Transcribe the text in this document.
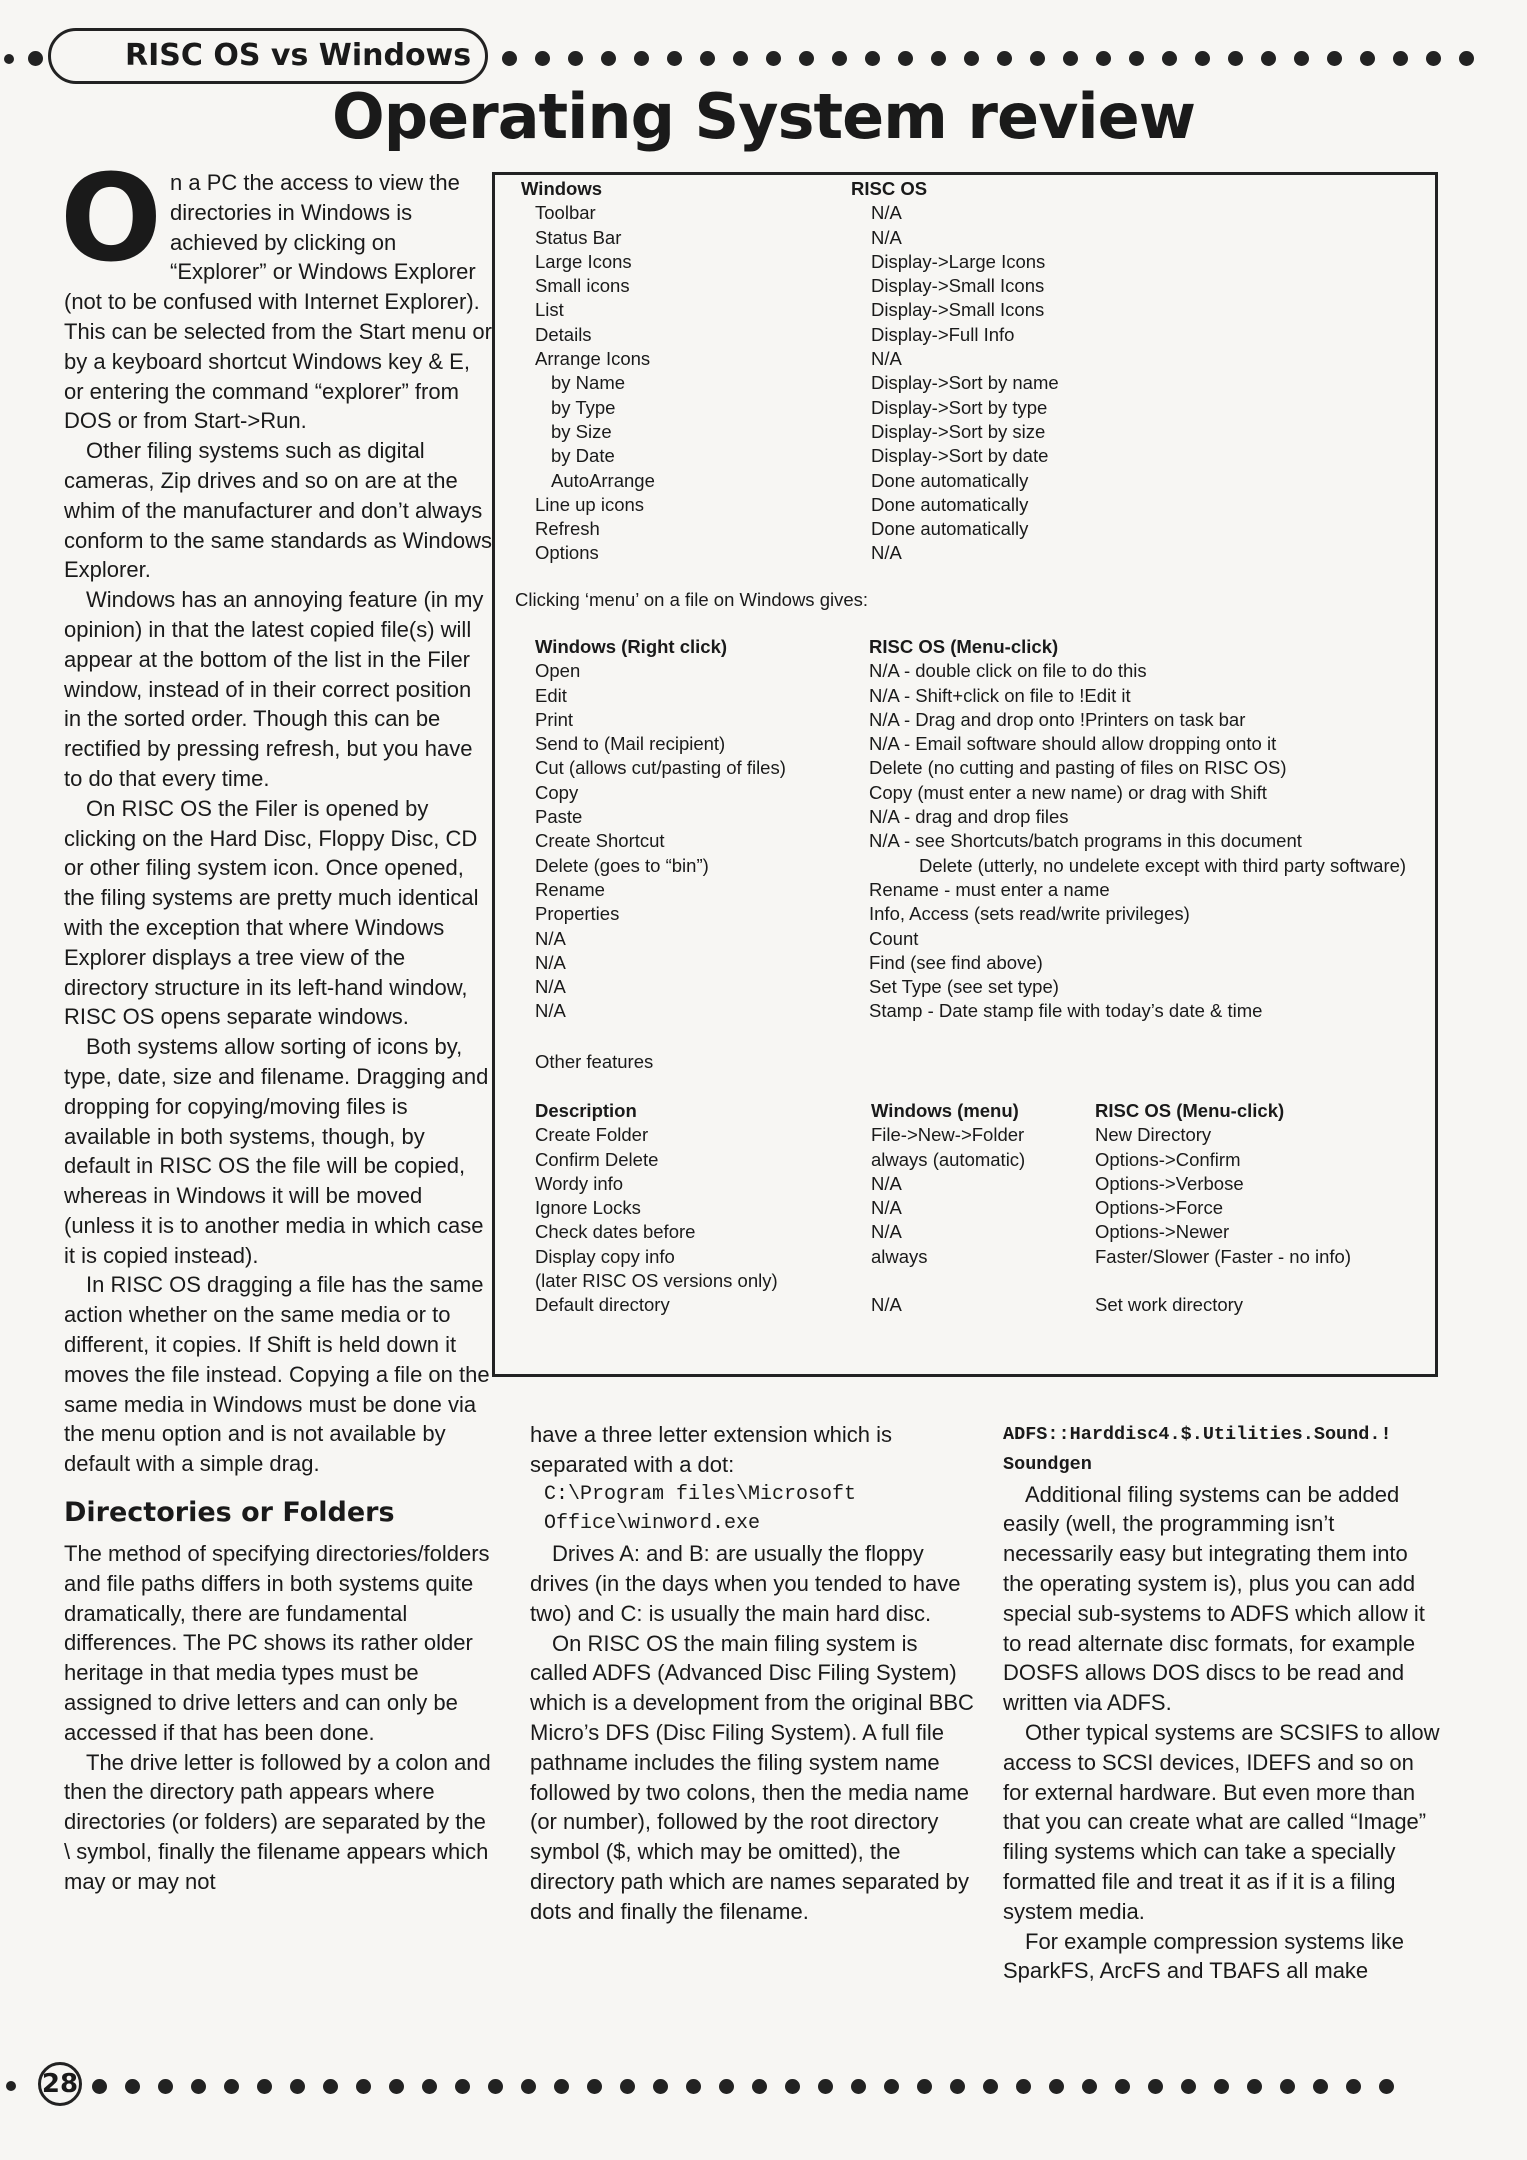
RISC OS vs Windows
Operating System review

On a PC the access to view the directories in Windows is achieved by clicking on “Explorer” or Windows Explorer (not to be confused with Internet Explorer). This can be selected from the Start menu or by a keyboard shortcut Windows key & E, or entering the command “explorer” from DOS or from Start->Run.

Other filing systems such as digital cameras, Zip drives and so on are at the whim of the manufacturer and don’t always conform to the same standards as Windows Explorer.

Windows has an annoying feature (in my opinion) in that the latest copied file(s) will appear at the bottom of the list in the Filer window, instead of in their correct position in the sorted order. Though this can be rectified by pressing refresh, but you have to do that every time.

On RISC OS the Filer is opened by clicking on the Hard Disc, Floppy Disc, CD or other filing system icon. Once opened, the filing systems are pretty much identical with the exception that where Windows Explorer displays a tree view of the directory structure in its left-hand window, RISC OS opens separate windows.

Both systems allow sorting of icons by, type, date, size and filename. Dragging and dropping for copying/moving files is available in both systems, though, by default in RISC OS the file will be copied, whereas in Windows it will be moved (unless it is to another media in which case it is copied instead).

In RISC OS dragging a file has the same action whether on the same media or to different, it copies. If Shift is held down it moves the file instead. Copying a file on the same media in Windows must be done via the menu option and is not available by default with a simple drag.

Directories or Folders

The method of specifying directories/folders and file paths differs in both systems quite dramatically, there are fundamental differences. The PC shows its rather older heritage in that media types must be assigned to drive letters and can only be accessed if that has been done.

The drive letter is followed by a colon and then the directory path appears where directories (or folders) are separated by the \ symbol, finally the filename appears which may or may not

Windows
Toolbar
Status Bar
Large Icons
Small icons
List
Details
Arrange Icons
by Name
by Type
by Size
by Date
AutoArrange
Line up icons
Refresh
Options
RISC OS
N/A
N/A
Display->Large Icons
Display->Small Icons
Display->Small Icons
Display->Full Info
N/A
Display->Sort by name
Display->Sort by type
Display->Sort by size
Display->Sort by date
Done automatically
Done automatically
Done automatically
N/A
Clicking ‘menu’ on a file on Windows gives:
Windows (Right click)
Open
Edit
Print
Send to (Mail recipient)
Cut (allows cut/pasting of files)
Copy
Paste
Create Shortcut
Delete (goes to “bin”)
Rename
Properties
N/A
N/A
N/A
N/A
RISC OS (Menu-click)
N/A - double click on file to do this
N/A - Shift+click on file to !Edit it
N/A - Drag and drop onto !Printers on task bar
N/A - Email software should allow dropping onto it
Delete (no cutting and pasting of files on RISC OS)
Copy (must enter a new name) or drag with Shift
N/A - drag and drop files
N/A - see Shortcuts/batch programs in this document
Delete (utterly, no undelete except with third party software)
Rename - must enter a name
Info, Access (sets read/write privileges)
Count
Find (see find above)
Set Type (see set type)
Stamp - Date stamp file with today’s date & time
Other features
Description
Create Folder
Confirm Delete
Wordy info
Ignore Locks
Check dates before
Display copy info
(later RISC OS versions only)
Default directory
Windows (menu)
File->New->Folder
always (automatic)
N/A
N/A
N/A
always

N/A
RISC OS (Menu-click)
New Directory
Options->Confirm
Options->Verbose
Options->Force
Options->Newer
Faster/Slower (Faster - no info)

Set work directory

have a three letter extension which is separated with a dot:

C:\Program files\Microsoft

Office\winword.exe

Drives A: and B: are usually the floppy drives (in the days when you tended to have two) and C: is usually the main hard disc.

On RISC OS the main filing system is called ADFS (Advanced Disc Filing System) which is a development from the original BBC Micro’s DFS (Disc Filing System). A full file pathname includes the filing system name followed by two colons, then the media name (or number), followed by the root directory symbol ($, which may be omitted), the directory path which are names separated by dots and finally the filename.

ADFS::Harddisc4.$.Utilities.Sound.!

Soundgen

Additional filing systems can be added easily (well, the programming isn’t necessarily easy but integrating them into the operating system is), plus you can add special sub-systems to ADFS which allow it to read alternate disc formats, for example DOSFS allows DOS discs to be read and written via ADFS.

Other typical systems are SCSIFS to allow access to SCSI devices, IDEFS and so on for external hardware. But even more than that you can create what are called “Image” filing systems which can take a specially formatted file and treat it as if it is a filing system media.

For example compression systems like SparkFS, ArcFS and TBAFS all make

28
